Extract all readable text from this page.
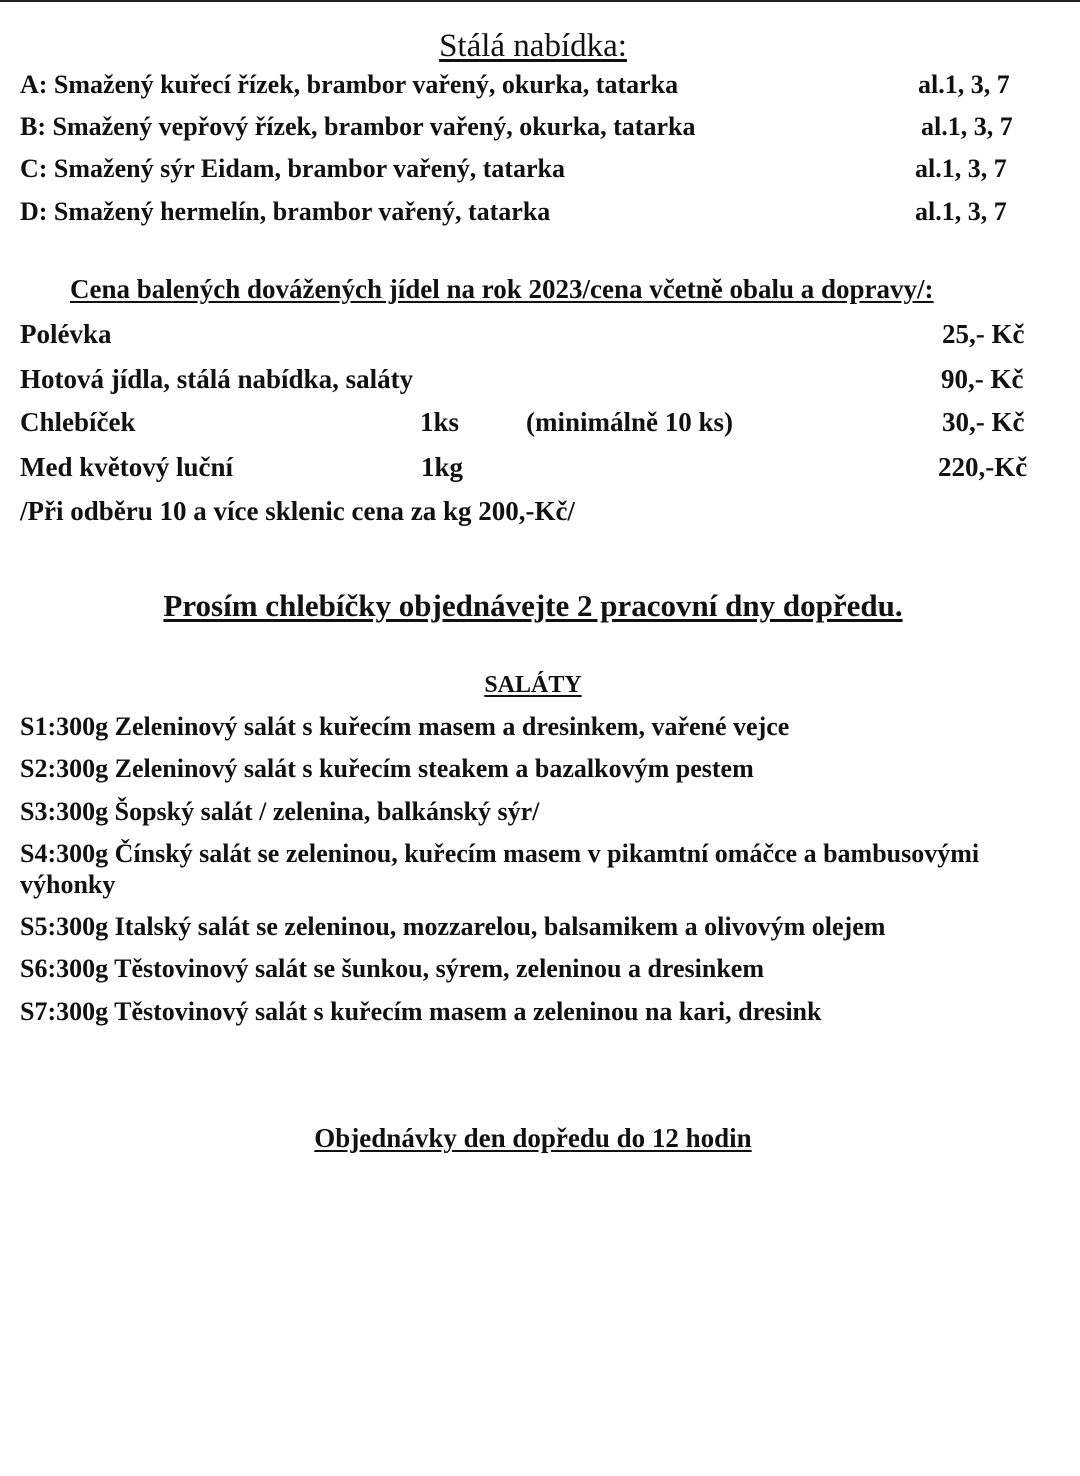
Stálá nabídka:
A: Smažený kuřecí řízek, brambor vařený, okurka, tatarka	al.1, 3, 7
B: Smažený vepřový řízek, brambor vařený, okurka, tatarka	al.1, 3, 7
C: Smažený sýr Eidam, brambor vařený, tatarka	al.1, 3, 7
D: Smažený hermelín, brambor vařený, tatarka	al.1, 3, 7
Cena balených dovážených jídel na rok 2023/cena včetně obalu a dopravy/:
Polévka	25,- Kč
Hotová jídla, stálá nabídka, saláty	90,- Kč
Chlebíček	1ks (minimálně 10 ks)	30,- Kč
Med květový luční	1kg	220,-Kč
/Při odběru 10 a více sklenic cena za kg 200,-Kč/
Prosím chlebíčky objednávejte 2 pracovní dny dopředu.
SALÁTY
S1:300g Zeleninový salát s kuřecím masem a dresinkem, vařené vejce
S2:300g Zeleninový salát s kuřecím steakem a bazalkovým pestem
S3:300g Šopský salát / zelenina, balkánský sýr/
S4:300g Čínský salát se zeleninou, kuřecím masem v pikamtní omáčce a bambusovými
výhonky
S5:300g Italský salát se zeleninou, mozzarelou, balsamikem a olivovým olejem
S6:300g Těstovinový salát se šunkou, sýrem, zeleninou a dresinkem
S7:300g Těstovinový salát s kuřecím masem a zeleninou na kari, dresink
Objednávky den dopředu do 12 hodin
